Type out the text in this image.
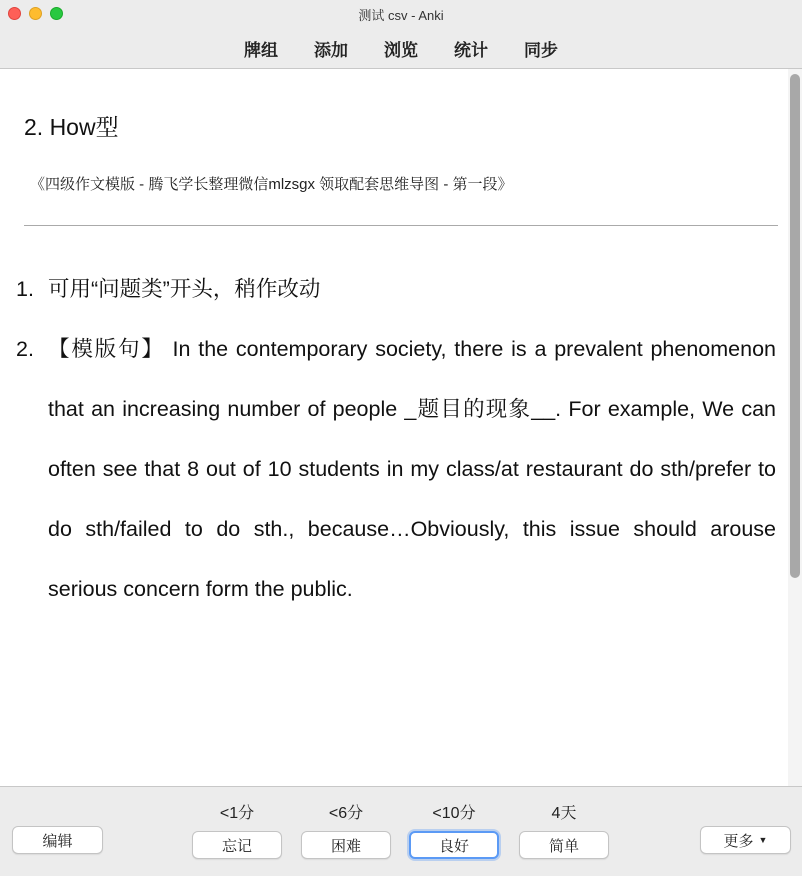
测试 csv - Anki
牌组 添加 浏览 统计 同步
2. How型
《四级作文模版 - 腾飞学长整理微信mlzsgx 领取配套思维导图 - 第一段》
1. 可用“问题类”开头，稍作改动
2. 【模版句】 In the contemporary society, there is a prevalent phenomenon that an increasing number of people _题目的现象__. For example, We can often see that 8 out of 10 students in my class/at restaurant do sth/prefer to do sth/failed to do sth., because…Obviously, this issue should arouse serious concern form the public.
编辑
<1分
忘记
<6分
困难
<10分
良好
4天
简单	更多 ▼
